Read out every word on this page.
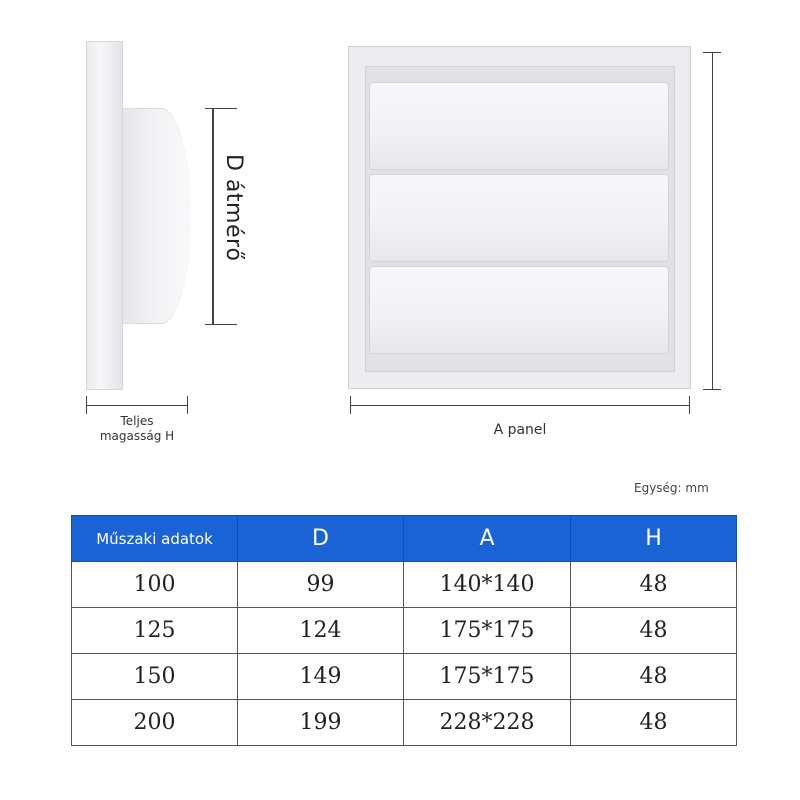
D átmérő
Teljes
magasság H	A panel
Egység: mm
Műszaki adatok	D	A	H
100	99	140*140	48
125	124	175*175	48
150	149	175*175	48
200	199	228*228	48
